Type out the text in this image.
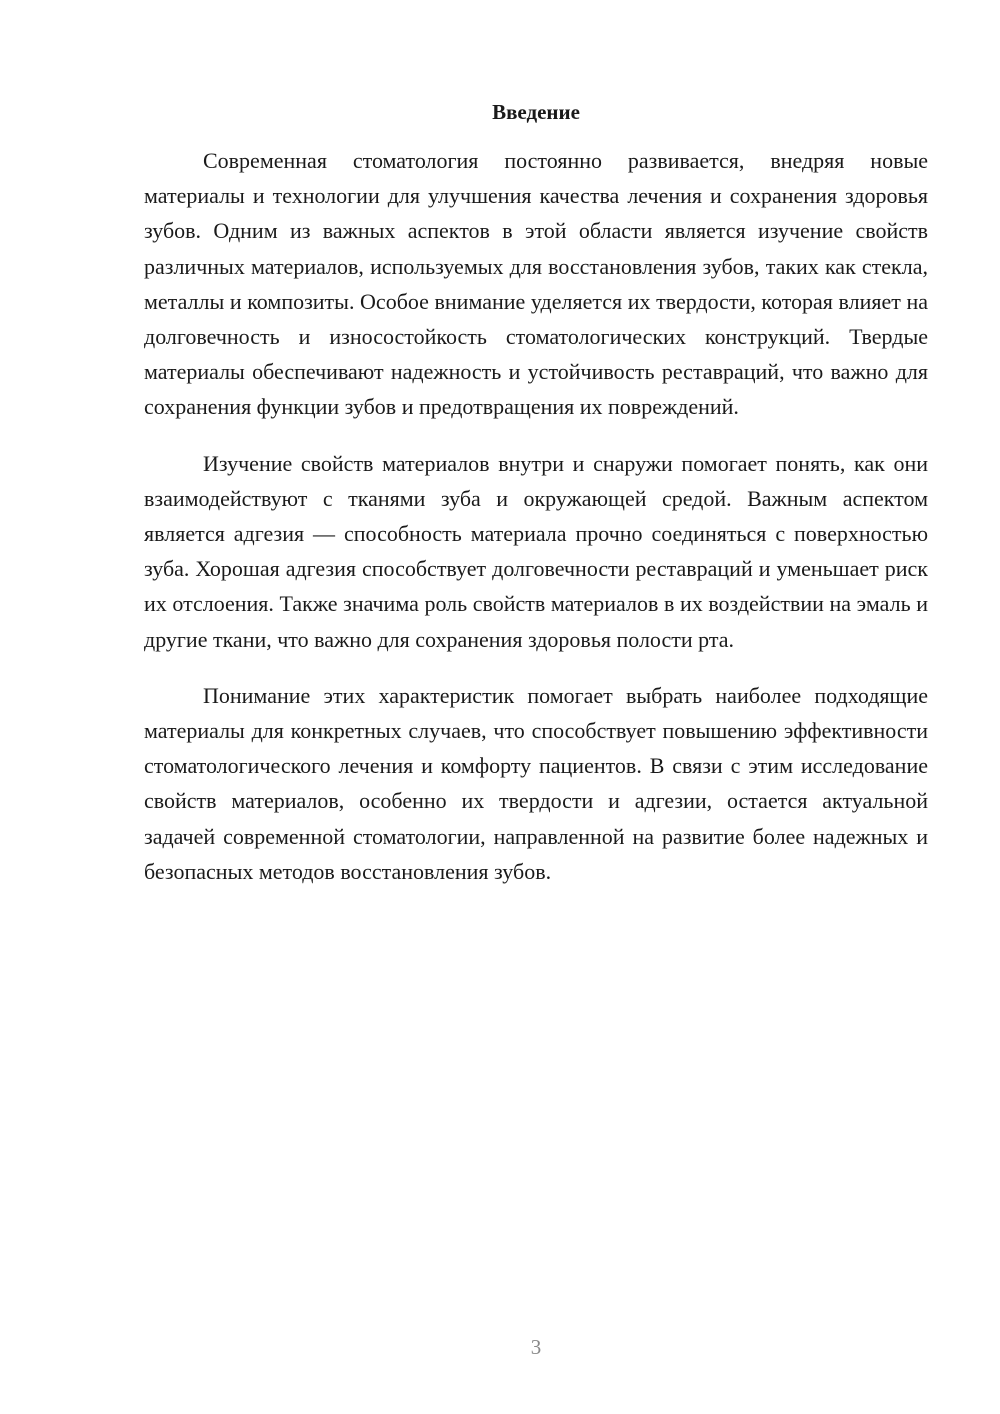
Введение

Современная стоматология постоянно развивается, внедряя новые материалы и технологии для улучшения качества лечения и сохранения здоровья зубов. Одним из важных аспектов в этой области является изучение свойств различных материалов, используемых для восстановления зубов, таких как стекла, металлы и композиты. Особое внимание уделяется их твердости, которая влияет на долговечность и износостойкость стоматологических конструкций. Твердые материалы обеспечивают надежность и устойчивость реставраций, что важно для сохранения функции зубов и предотвращения их повреждений.

Изучение свойств материалов внутри и снаружи помогает понять, как они взаимодействуют с тканями зуба и окружающей средой. Важным аспектом является адгезия — способность материала прочно соединяться с поверхностью зуба. Хорошая адгезия способствует долговечности реставраций и уменьшает риск их отслоения. Также значима роль свойств материалов в их воздействии на эмаль и другие ткани, что важно для сохранения здоровья полости рта.

Понимание этих характеристик помогает выбрать наиболее подходящие материалы для конкретных случаев, что способствует повышению эффективности стоматологического лечения и комфорту пациентов. В связи с этим исследование свойств материалов, особенно их твердости и адгезии, остается актуальной задачей современной стоматологии, направленной на развитие более надежных и безопасных методов восстановления зубов.

3
